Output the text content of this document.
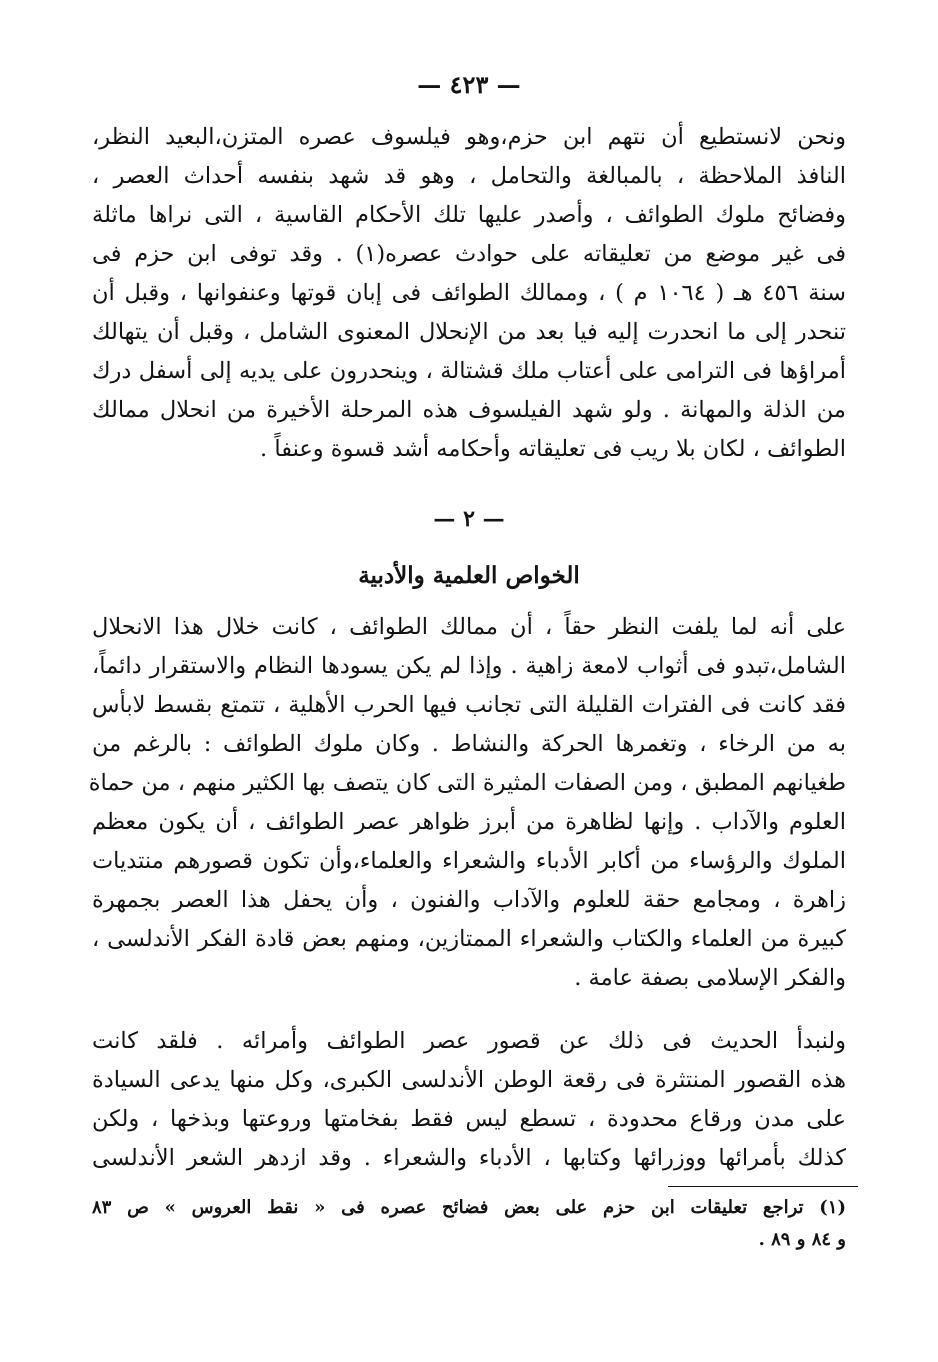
— ٤٢٣ —
ونحن لانستطيع أن نتهم ابن حزم،وهو فيلسوف عصره المتزن،البعيد النظر،
النافذ الملاحظة ، بالمبالغة والتحامل ، وهو قد شهد بنفسه أحداث العصر ،
وفضائح ملوك الطوائف ، وأصدر عليها تلك الأحكام القاسية ، التى نراها ماثلة
فى غير موضع من تعليقاته على حوادث عصره(١) . وقد توفى ابن حزم فى
سنة ٤٥٦ هـ ( ١٠٦٤ م ) ، وممالك الطوائف فى إبان قوتها وعنفوانها ، وقبل أن
تنحدر إلى ما انحدرت إليه فيا بعد من الإنحلال المعنوى الشامل ، وقبل أن يتهالك
أمراؤها فى الترامى على أعتاب ملك قشتالة ، وينحدرون على يديه إلى أسفل درك
من الذلة والمهانة . ولو شهد الفيلسوف هذه المرحلة الأخيرة من انحلال ممالك
الطوائف ، لكان بلا ريب فى تعليقاته وأحكامه أشد قسوة وعنفاً .
— ٢ —
الخواص العلمية والأدبية
على أنه لما يلفت النظر حقاً ، أن ممالك الطوائف ، كانت خلال هذا الانحلال
الشامل،تبدو فى أثواب لامعة زاهية . وإذا لم يكن يسودها النظام والاستقرار دائماً،
فقد كانت فى الفترات القليلة التى تجانب فيها الحرب الأهلية ، تتمتع بقسط لابأس
به من الرخاء ، وتغمرها الحركة والنشاط . وكان ملوك الطوائف : بالرغم من
طغيانهم المطبق ، ومن الصفات المثيرة التى كان يتصف بها الكثير منهم ، من حماة
العلوم والآداب . وإنها لظاهرة من أبرز ظواهر عصر الطوائف ، أن يكون معظم
الملوك والرؤساء من أكابر الأدباء والشعراء والعلماء،وأن تكون قصورهم منتديات
زاهرة ، ومجامع حقة للعلوم والآداب والفنون ، وأن يحفل هذا العصر بجمهرة
كبيرة من العلماء والكتاب والشعراء الممتازين، ومنهم بعض قادة الفكر الأندلسى ،
والفكر الإسلامى بصفة عامة .
ولنبدأ الحديث فى ذلك عن قصور عصر الطوائف وأمرائه . فلقد كانت
هذه القصور المنتثرة فى رقعة الوطن الأندلسى الكبرى، وكل منها يدعى السيادة
على مدن ورقاع محدودة ، تسطع ليس فقط بفخامتها وروعتها وبذخها ، ولكن
كذلك بأمرائها ووزرائها وكتابها ، الأدباء والشعراء . وقد ازدهر الشعر الأندلسى
(١) تراجع تعليقات ابن حزم على بعض فضائح عصره فى « نقط العروس » ص ٨٣
و ٨٤ و ٨٩ .
